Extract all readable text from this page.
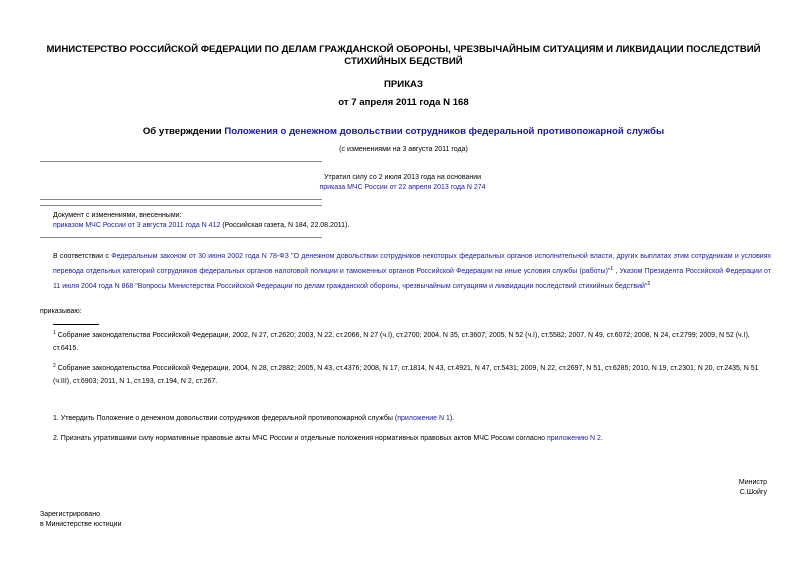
МИНИСТЕРСТВО РОССИЙСКОЙ ФЕДЕРАЦИИ ПО ДЕЛАМ ГРАЖДАНСКОЙ ОБОРОНЫ, ЧРЕЗВЫЧАЙНЫМ СИТУАЦИЯМ И ЛИКВИДАЦИИ ПОСЛЕДСТВИЙ СТИХИЙНЫХ БЕДСТВИЙ
ПРИКАЗ
от 7 апреля 2011 года N 168
Об утверждении Положения о денежном довольствии сотрудников федеральной противопожарной службы
(с изменениями на 3 августа 2011 года)
Утратил силу со 2 июля 2013 года на основании
приказа МЧС России от 22 апреля 2013 года N 274
Документ с изменениями, внесенными:
приказом МЧС России от 3 августа 2011 года N 412 (Российская газета, N 184, 22.08.2011).
В соответствии с Федеральным законом от 30 июня 2002 года N 78-ФЗ "О денежном довольствии сотрудников некоторых федеральных органов исполнительной власти, других выплатах этим сотрудникам и условиях перевода отдельных категорий сотрудников федеральных органов налоговой полиции и таможенных органов Российской Федерации на иные условия службы (работы)"$^1$ , Указом Президента Российской Федерации от 11 июля 2004 года N 868 "Вопросы Министерства Российской Федерации по делам гражданской обороны, чрезвычайным ситуациям и ликвидации последствий стихийных бедствий"$^2$
приказываю:
$^1$ Собрание законодательства Российской Федерации, 2002, N 27, ст.2620; 2003, N 22, ст.2066, N 27 (ч.I), ст.2700; 2004, N 35, ст.3607; 2005, N 52 (ч.I), ст.5582; 2007, N 49, ст.6072; 2008, N 24, ст.2799; 2009, N 52 (ч.I), ст.6415.
$^2$ Собрание законодательства Российской Федерации, 2004, N 28, ст.2882; 2005, N 43, ст.4376; 2008, N 17, ст.1814, N 43, ст.4921, N 47, ст.5431; 2009, N 22, ст.2697, N 51, ст.6285; 2010, N 19, ст.2301, N 20, ст.2435, N 51 (ч.III), ст.6903; 2011, N 1, ст.193, ст.194, N 2, ст.267.
1. Утвердить Положение о денежном довольствии сотрудников федеральной противопожарной службы (приложение N 1).
2. Признать утратившими силу нормативные правовые акты МЧС России и отдельные положения нормативных правовых актов МЧС России согласно приложению N 2.
Министр
С.Шойгу
Зарегистрировано
в Министерстве юстиции
